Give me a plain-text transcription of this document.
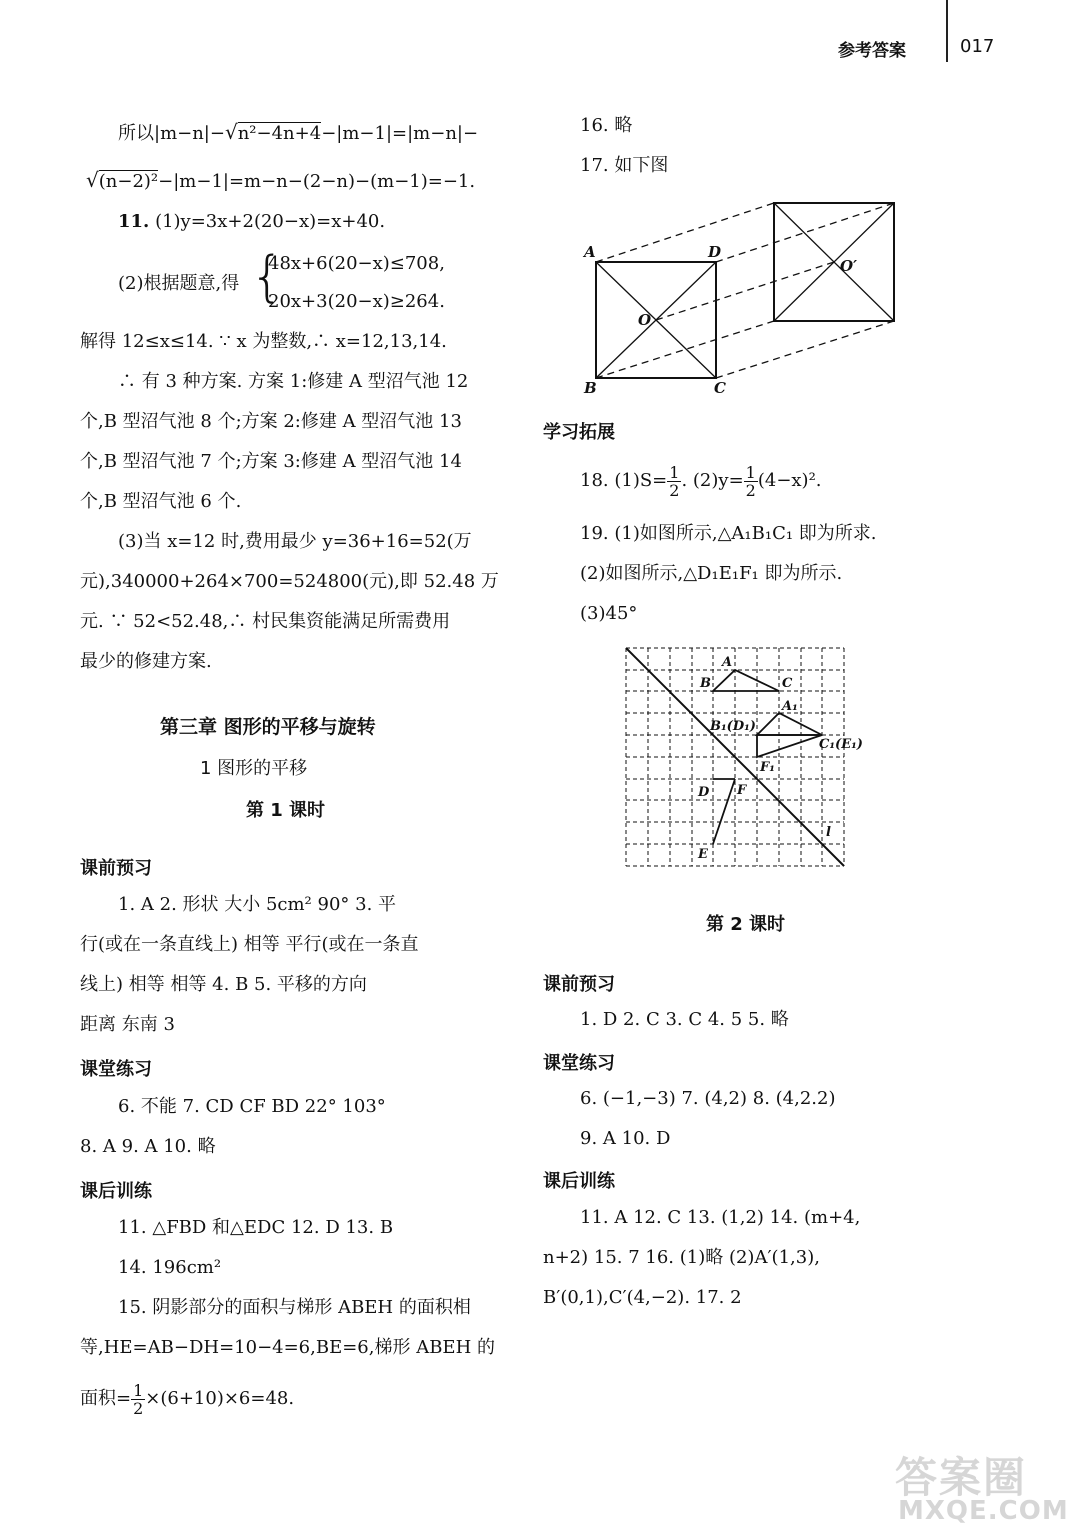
参考答案	017
所以|m−n|−√n²−4n+4−|m−1|=|m−n|−
√(n−2)²−|m−1|=m−n−(2−n)−(m−1)=−1.
11. (1)y=3x+2(20−x)=x+40.
(2)根据题意,得 {
48x+6(20−x)≤708,
20x+3(20−x)≥264.
解得 12≤x≤14. ∵ x 为整数,∴ x=12,13,14.
∴ 有 3 种方案. 方案 1:修建 A 型沼气池 12
个,B 型沼气池 8 个;方案 2:修建 A 型沼气池 13
个,B 型沼气池 7 个;方案 3:修建 A 型沼气池 14
个,B 型沼气池 6 个.
(3)当 x=12 时,费用最少 y=36+16=52(万
元),340000+264×700=524800(元),即 52.48 万
元. ∵ 52<52.48,∴ 村民集资能满足所需费用
最少的修建方案.
第三章 图形的平移与旋转
1 图形的平移
第 1 课时
课前预习
1. A 2. 形状 大小 5cm² 90° 3. 平
行(或在一条直线上) 相等 平行(或在一条直
线上) 相等 相等 4. B 5. 平移的方向
距离 东南 3
课堂练习
6. 不能 7. CD CF BD 22° 103°
8. A 9. A 10. 略
课后训练
11. △FBD 和△EDC 12. D 13. B
14. 196cm²
15. 阴影部分的面积与梯形 ABEH 的面积相
等,HE=AB−DH=10−4=6,BE=6,梯形 ABEH 的
面积= $\frac{1}{2} \times(6+10)\times 6=48$.
16. 略
17. 如下图
A
B	C
D
O
O′
学习拓展
18. $(1)S= \frac{1}{2}$ . $(2)y= \frac{1}{2} (4-x)^2$.
19. (1)如图所示,△A₁B₁C₁ 即为所求.
(2)如图所示,△D₁E₁F₁ 即为所示.
(3)45°
A
B	C
A₁
B₁(D₁)
C₁(E₁)
F₁
D F
E
l
第 2 课时
课前预习
1. D 2. C 3. C 4. 5 5. 略
课堂练习
6. (−1,−3) 7. (4,2) 8. (4,2.2)
9. A 10. D
课后训练
11. A 12. C 13. (1,2) 14. (m+4,
n+2) 15. 7 16. (1)略 (2)A′(1,3),
B′(0,1),C′(4,−2). 17. 2
答案圈
MXQE.COM
